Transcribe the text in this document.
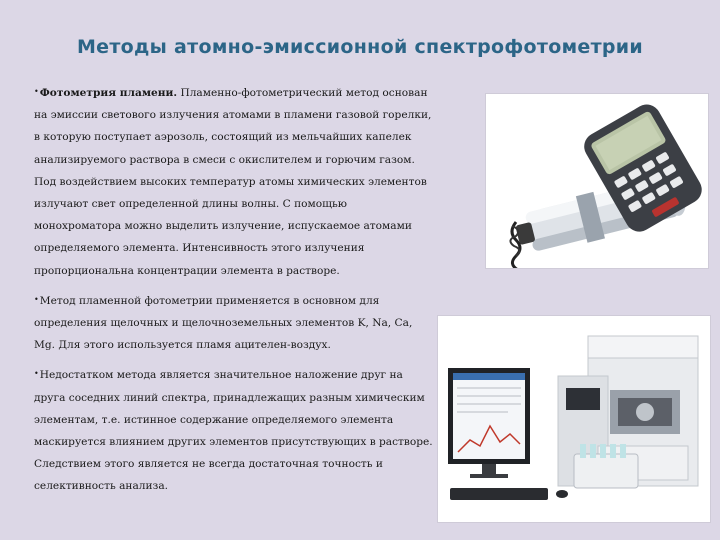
Методы атомно-эмиссионной спектрофотометрии

•Фотометрия пламени. Пламенно-фотометрический метод основан на эмиссии светового излучения атомами в пламени газовой горелки, в которую поступает аэрозоль, состоящий из мельчайших капелек анализируемого раствора в смеси с окислителем и горючим газом. Под воздействием высоких температур атомы химических элементов излучают свет определенной длины волны. С помощью монохроматора можно выделить излучение, испускаемое атомами определяемого элемента. Интенсивность этого излучения пропорциональна концентрации элемента в растворе.

•Метод пламенной фотометрии применяется в основном для определения щелочных и щелочноземельных элементов K, Na, Ca, Mg. Для этого используется пламя ацителен-воздух.

•Недостатком метода является значительное наложение друг на друга соседних линий спектра, принадлежащих разным химическим элементам, т.е. истинное содержание определяемого элемента маскируется влиянием других элементов присутствующих в растворе. Следствием этого является не всегда достаточная точность и селективность анализа.
